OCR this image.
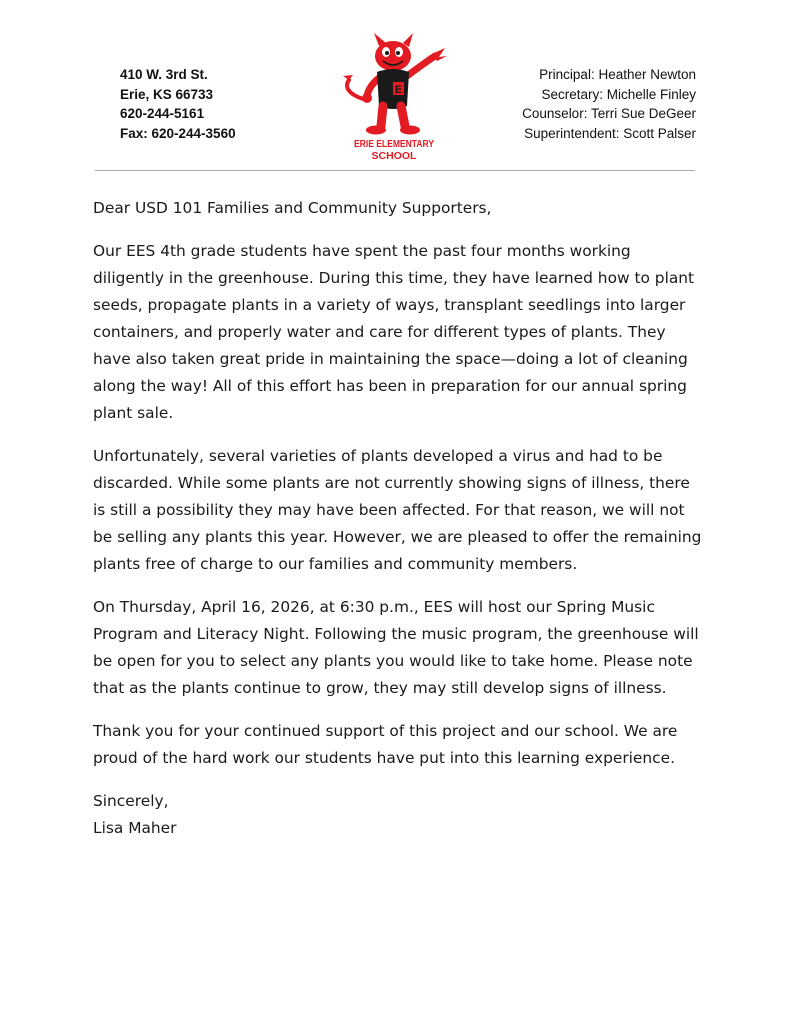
410 W. 3rd St.
Erie, KS 66733
620-244-5161
Fax: 620-244-3560
Principal: Heather Newton
Secretary: Michelle Finley
Counselor: Terri Sue DeGeer
Superintendent: Scott Palser
E
ERIE ELEMENTARY
SCHOOL

Dear USD 101 Families and Community Supporters,

Our EES 4th grade students have spent the past four months working diligently in the greenhouse. During this time, they have learned how to plant seeds, propagate plants in a variety of ways, transplant seedlings into larger containers, and properly water and care for different types of plants. They have also taken great pride in maintaining the space—doing a lot of cleaning along the way! All of this effort has been in preparation for our annual spring plant sale.

Unfortunately, several varieties of plants developed a virus and had to be discarded. While some plants are not currently showing signs of illness, there is still a possibility they may have been affected. For that reason, we will not be selling any plants this year. However, we are pleased to offer the remaining plants free of charge to our families and community members.

On Thursday, April 16, 2026, at 6:30 p.m., EES will host our Spring Music Program and Literacy Night. Following the music program, the greenhouse will be open for you to select any plants you would like to take home. Please note that as the plants continue to grow, they may still develop signs of illness.

Thank you for your continued support of this project and our school. We are proud of the hard work our students have put into this learning experience.

Sincerely,
Lisa Maher
